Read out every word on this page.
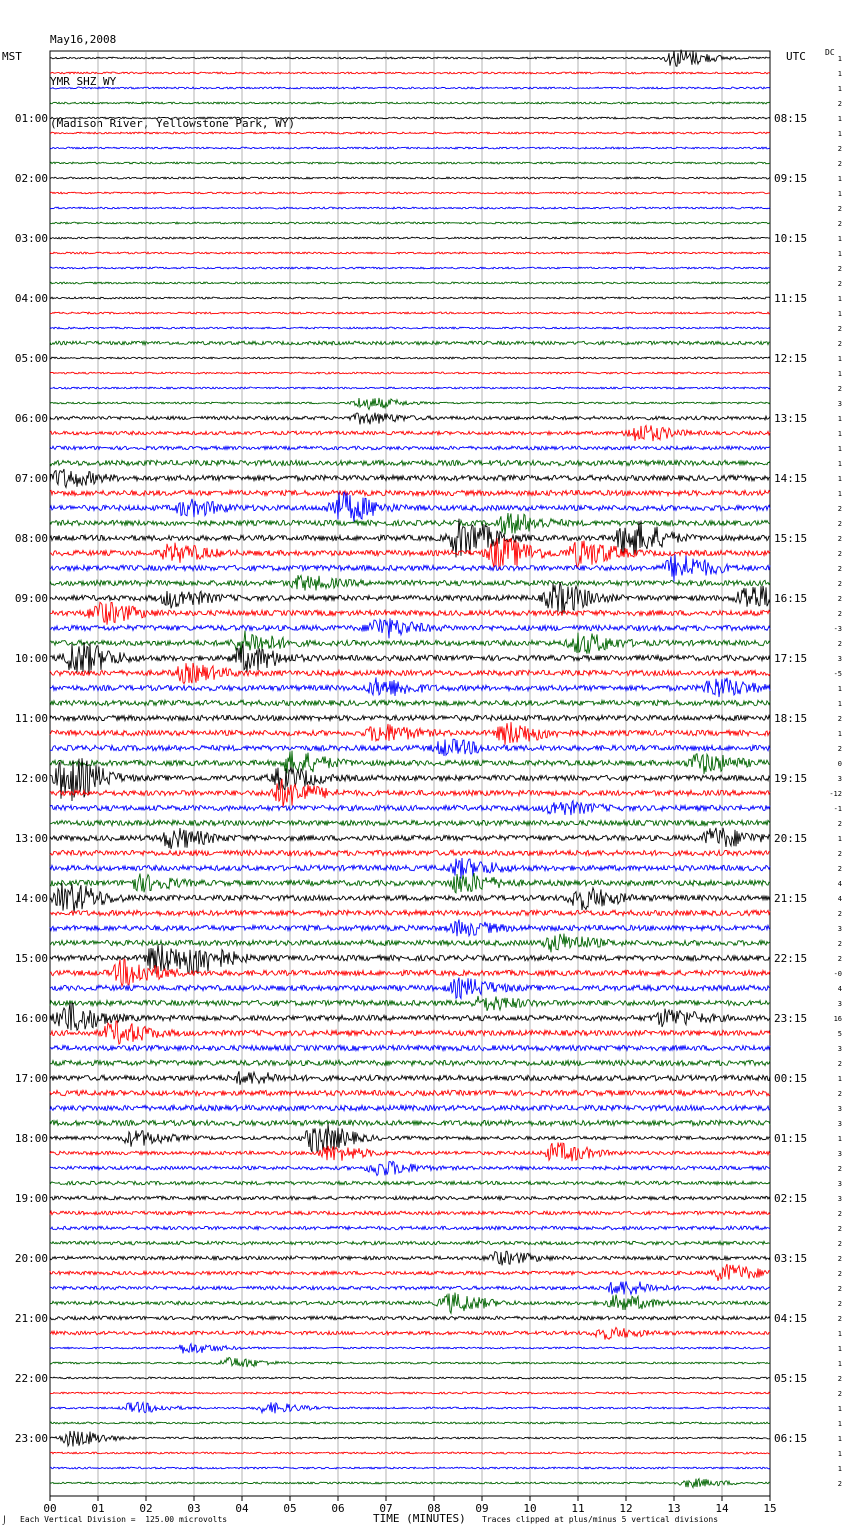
May16,2008

YMR SHZ WY

(Madison River, Yellowstone Park, WY)

MST	UTC DC
00	01	02	03	04	05	06	07	08	09	10	11	12	13	14	15
1
1
1
2
1
1
2
2
1
1
2
2
1
1
2
2
1
1
2
2
1
1
2
3
1
1
1
1
1
1
2
2
2
2
2
2
2
2
-3
2
3
-5
1
1
2
1
2
0
3
-12
-1
2
1
2
2
4
4
2
3
2
2
-0
4
3
16
5
3
2
1
2
3
3
1
3
2
3
3
2
2
2
2
2
2
2
2
1
1
1
2
2
1
1
1
1
1
2
01:00	08:15
02:00	09:15
03:00	10:15
04:00	11:15
05:00	12:15
06:00	13:15
07:00	14:15
08:00	15:15
09:00	16:15
10:00	17:15
11:00	18:15
12:00	19:15
13:00	20:15
14:00	21:15
15:00	22:15
16:00	23:15
17:00	00:15
18:00	01:15
19:00	02:15
20:00	03:15
21:00	04:15
22:00	05:15
23:00	06:15
⌡ Each Vertical Division =  125.00 microvolts	TIME (MINUTES) Traces clipped at plus/minus 5 vertical divisions
